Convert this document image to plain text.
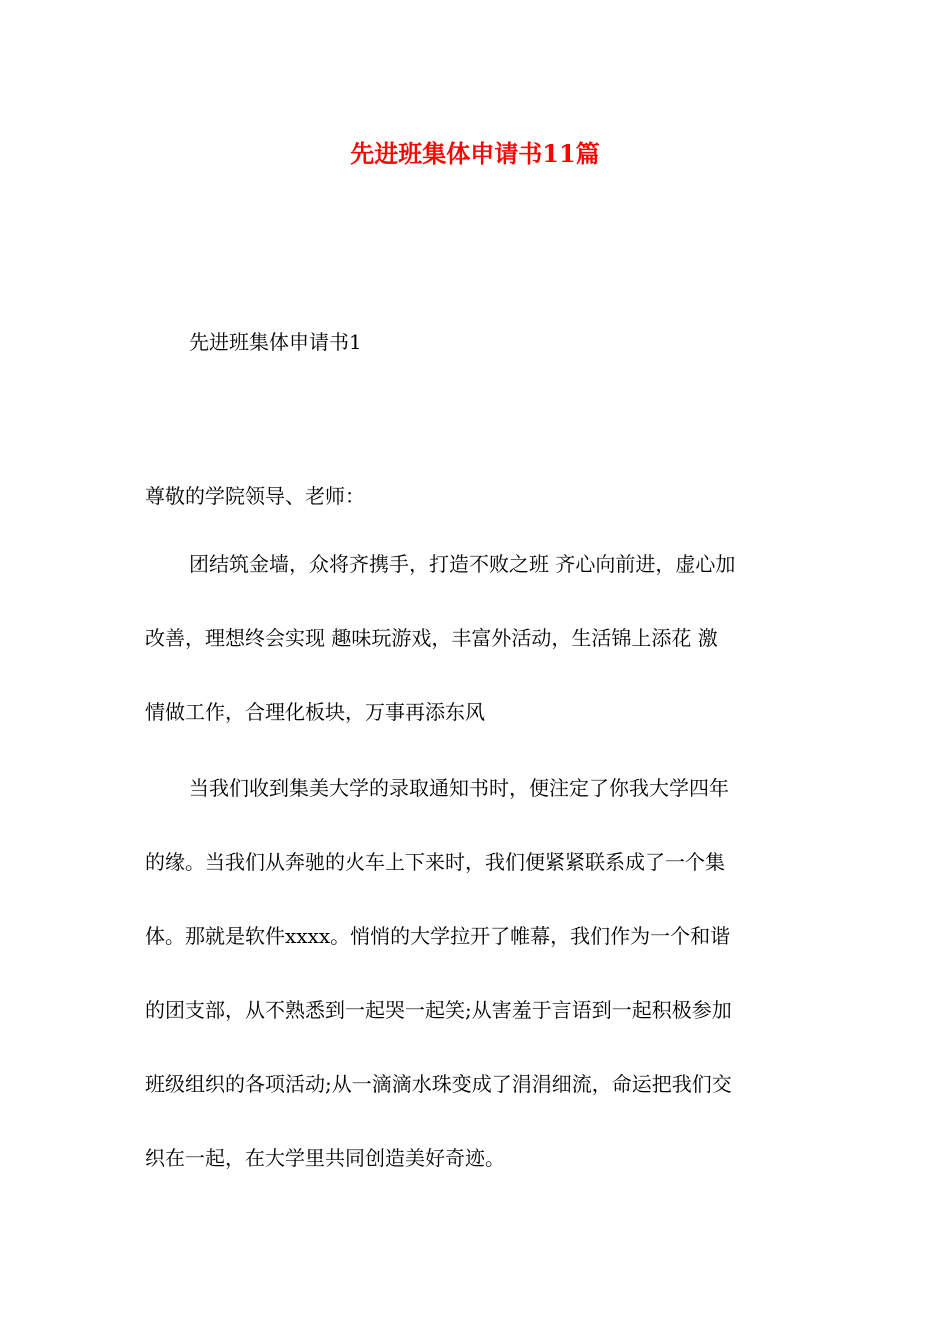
先进班集体申请书11篇
先进班集体申请书1
尊敬的学院领导、老师：
团结筑金墙，众将齐携手，打造不败之班 齐心向前进，虚心加
改善，理想终会实现 趣味玩游戏，丰富外活动，生活锦上添花 激
情做工作，合理化板块，万事再添东风
当我们收到集美大学的录取通知书时，便注定了你我大学四年
的缘。当我们从奔驰的火车上下来时，我们便紧紧联系成了一个集
体。那就是软件xxxx。悄悄的大学拉开了帷幕，我们作为一个和谐
的团支部，从不熟悉到一起哭一起笑;从害羞于言语到一起积极参加
班级组织的各项活动;从一滴滴水珠变成了涓涓细流，命运把我们交
织在一起，在大学里共同创造美好奇迹。
